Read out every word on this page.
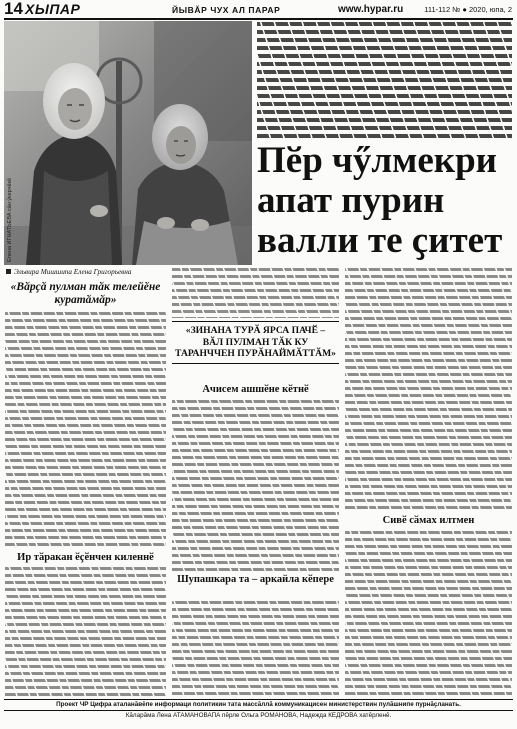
14 ХЫПАР	ЙЫВӐР ЧУХ АЛ ПАРАР	www.hypar.ru	111-112 № ● 2020, юпа, 2
Елена ИГНАТЬЕВА сӑн ӳкерчӗкӗ
Эльвира Мишшипа Елена Григорьевна
Пӗр чӳлмекри
апат пурин
валли те ҫитет
«Вӑрҫӑ пулман тӑк телейӗне куратӑмӑр»
Ир тӑракан ӗҫӗнчен киленнӗ
«ЗИНАНА ТУРӐ ЯРСА ПАЧӖ – ВӐЛ ПУЛМАН ТӐК КУ ТАРАНЧЧЕН ПУРӐНАЙМӐТТӐМ»
Ачисем ашшӗне кӗтнӗ
Шупашкара та – аркайла кӗпере
Сивӗ сӑмах илтмен
Проект ЧР Цифра аталанӑвӗпе информаци политикин тата массӑллӑ коммуникацисен министерствин пулӑшнипе пурнӑҫланать.
Кӑларӑма Лена АТАМАНОВАПА пӗрле Ольга РОМАНОВА, Надежда КЕДРОВА хатӗрленӗ.
